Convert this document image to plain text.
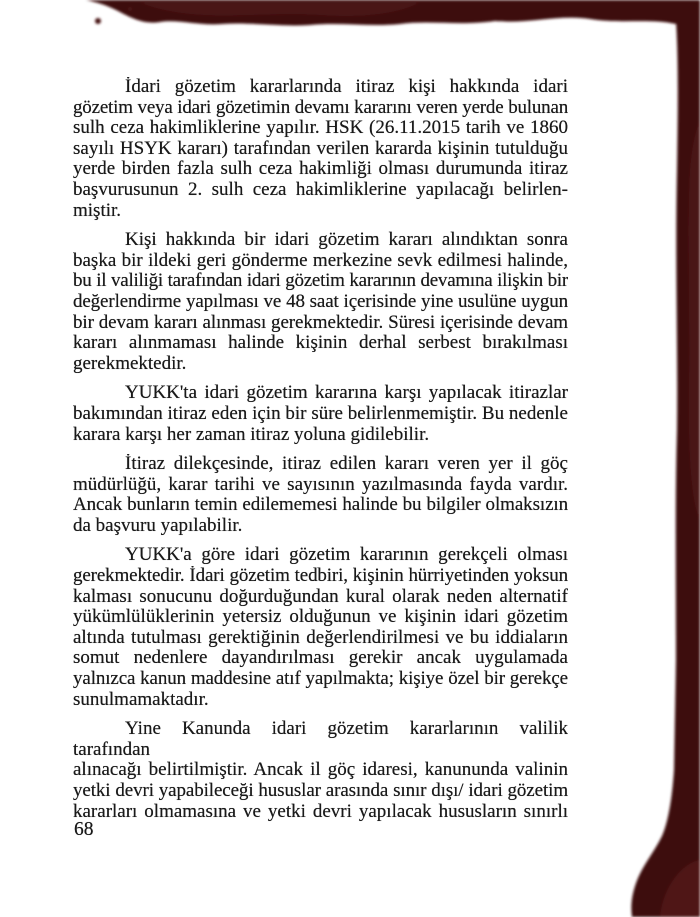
İdari gözetim kararlarında itiraz kişi hakkında idari
gözetim veya idari gözetimin devamı kararını veren yerde bulunan
sulh ceza hakimliklerine yapılır. HSK (26.11.2015 tarih ve 1860
sayılı HSYK kararı) tarafından verilen kararda kişinin tutulduğu
yerde birden fazla sulh ceza hakimliği olması durumunda itiraz
başvurusunun 2. sulh ceza hakimliklerine yapılacağı belirlen-
miştir.
Kişi hakkında bir idari gözetim kararı alındıktan sonra
başka bir ildeki geri gönderme merkezine sevk edilmesi halinde,
bu il valiliği tarafından idari gözetim kararının devamına ilişkin bir
değerlendirme yapılması ve 48 saat içerisinde yine usulüne uygun
bir devam kararı alınması gerekmektedir. Süresi içerisinde devam
kararı alınmaması halinde kişinin derhal serbest bırakılması
gerekmektedir.
YUKK'ta idari gözetim kararına karşı yapılacak itirazlar
bakımından itiraz eden için bir süre belirlenmemiştir. Bu nedenle
karara karşı her zaman itiraz yoluna gidilebilir.
İtiraz dilekçesinde, itiraz edilen kararı veren yer il göç
müdürlüğü, karar tarihi ve sayısının yazılmasında fayda vardır.
Ancak bunların temin edilememesi halinde bu bilgiler olmaksızın
da başvuru yapılabilir.
YUKK'a göre idari gözetim kararının gerekçeli olması
gerekmektedir. İdari gözetim tedbiri, kişinin hürriyetinden yoksun
kalması sonucunu doğurduğundan kural olarak neden alternatif
yükümlülüklerinin yetersiz olduğunun ve kişinin idari gözetim
altında tutulması gerektiğinin değerlendirilmesi ve bu iddiaların
somut nedenlere dayandırılması gerekir ancak uygulamada
yalnızca kanun maddesine atıf yapılmakta; kişiye özel bir gerekçe
sunulmamaktadır.
Yine Kanunda idari gözetim kararlarının valilik tarafından
alınacağı belirtilmiştir. Ancak il göç idaresi, kanununda valinin
yetki devri yapabileceği hususlar arasında sınır dışı/ idari gözetim
kararları olmamasına ve yetki devri yapılacak hususların sınırlı
68
